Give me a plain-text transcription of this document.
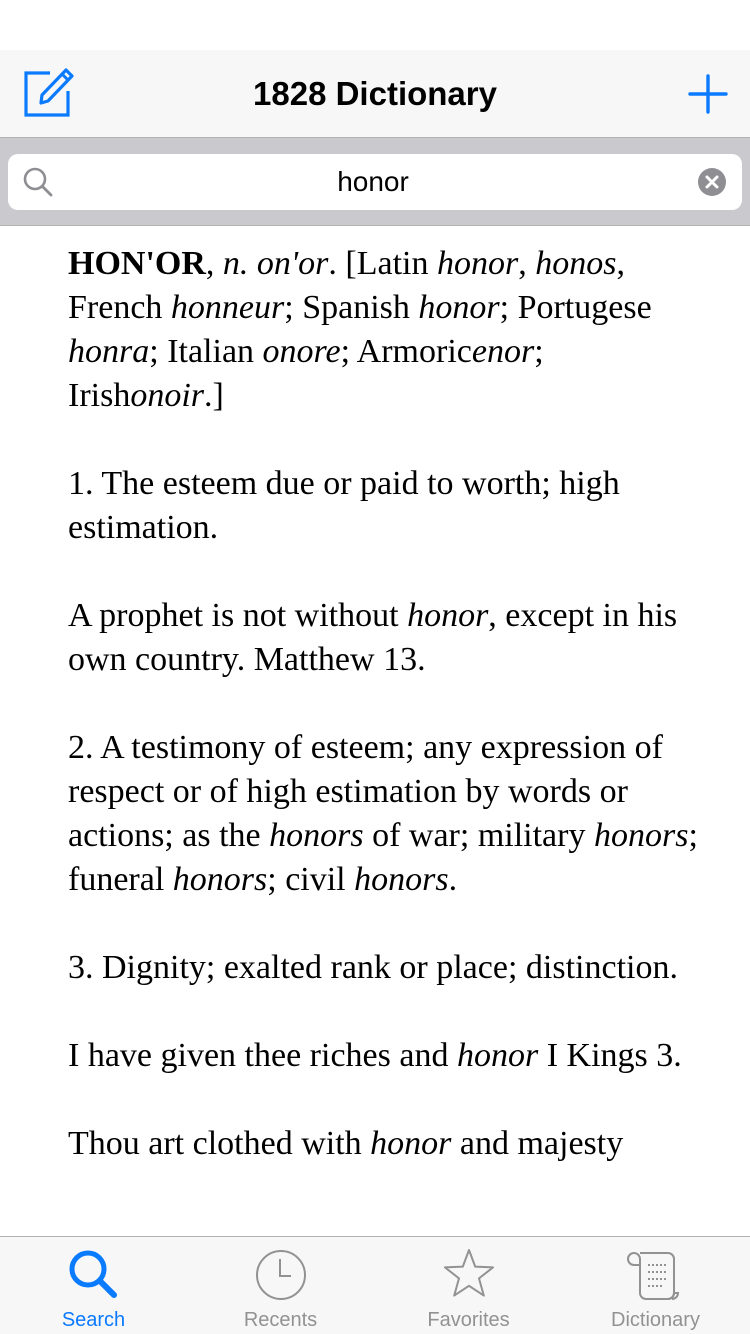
1828 Dictionary
honor

HON'OR, n. on'or. [Latin honor, honos, French honneur; Spanish honor; Portugese honra; Italian onore; Armoricenor; Irishonoir.]

1. The esteem due or paid to worth; high estimation.

A prophet is not without honor, except in his own country. Matthew 13.

2. A testimony of esteem; any expression of respect or of high estimation by words or actions; as the honors of war; military honors; funeral honors; civil honors.

3. Dignity; exalted rank or place; distinction.

I have given thee riches and honor I Kings 3.

Thou art clothed with honor and majesty

Search	Recents	Favorites	Dictionary
